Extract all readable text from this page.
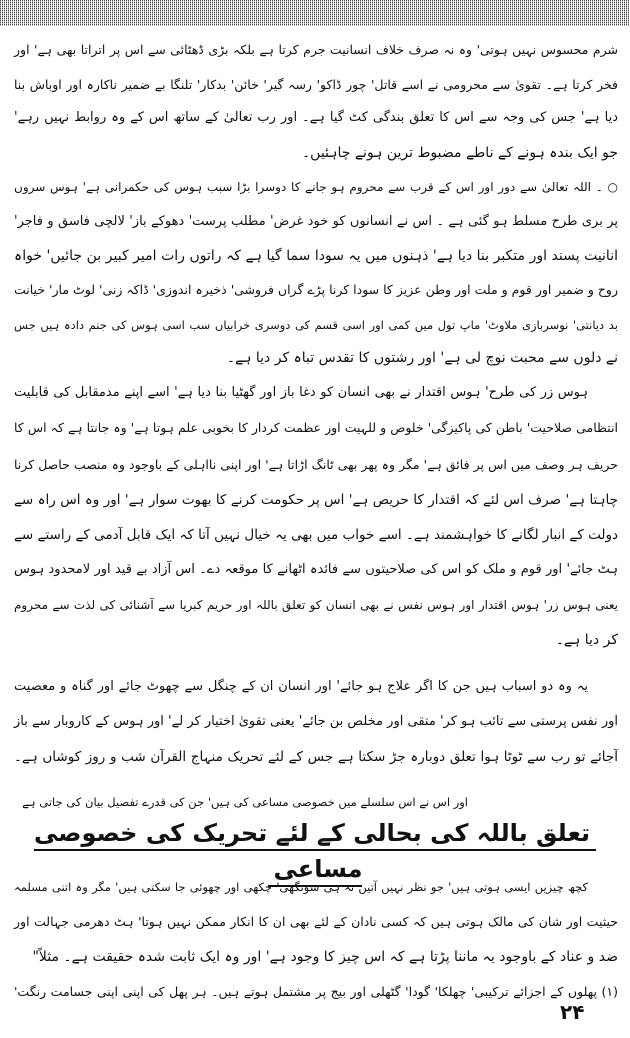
شرم محسوس نہیں ہوتی' وہ نہ صرف خلاف انسانیت جرم کرتا ہے بلکہ بڑی ڈھٹائی سے اس پر اتراتا بھی ہے' اور
فخر کرتا ہے۔ تقویٰ سے محرومی نے اسے قاتل' چور ڈاکو' رسہ گیر' خائن' بدکار' تلنگا بے ضمیر ناکارہ اور اوباش بنا
دیا ہے' جس کی وجہ سے اس کا تعلق بندگی کٹ گیا ہے۔ اور رب تعالیٰ کے ساتھ اس کے وہ روابط نہیں رہے'
جو ایک بندہ ہونے کے ناطے مضبوط ترین ہونے چاہئیں۔
○ ۔ اللہ تعالیٰ سے دور اور اس کے قرب سے محروم ہو جانے کا دوسرا بڑا سبب ہوس کی حکمرانی ہے' ہوس سروں
پر بری طرح مسلط ہو گئی ہے ۔ اس نے انسانوں کو خود غرض' مطلب پرست' دھوکے باز' لالچی فاسق و فاجر'
انانیت پسند اور متکبر بنا دیا ہے' ذہنوں میں یہ سودا سما گیا ہے کہ راتوں رات امیر کبیر بن جائیں' خواہ
روح و ضمیر اور قوم و ملت اور وطن عزیز کا سودا کرنا پڑے گراں فروشی' ذخیرہ اندوزی' ڈاکہ زنی' لوٹ مار' خیانت
بد دیانتی' نوسربازی ملاوٹ' ماپ تول میں کمی اور اسی قسم کی دوسری خرابیاں سب اسی ہوس کی جنم دادہ ہیں جس
نے دلوں سے محبت نوچ لی ہے' اور رشتوں کا تقدس تباہ کر دیا ہے۔
ہوس زر کی طرح' ہوس اقتدار نے بھی انسان کو دغا باز اور گھٹیا بنا دیا ہے' اسے اپنے مدمقابل کی قابلیت
انتظامی صلاحیت' باطن کی پاکیزگی' خلوص و للہیت اور عظمت کردار کا بخوبی علم ہوتا ہے' وہ جانتا ہے کہ اس کا
حریف ہر وصف میں اس پر فائق ہے' مگر وہ پھر بھی ٹانگ اڑاتا ہے' اور اپنی نااہلی کے باوجود وہ منصب حاصل کرنا
چاہتا ہے' صرف اس لئے کہ اقتدار کا حریص ہے' اس پر حکومت کرنے کا بھوت سوار ہے' اور وہ اس راہ سے
دولت کے انبار لگانے کا خواہشمند ہے۔ اسے خواب میں بھی یہ خیال نہیں آتا کہ ایک قابل آدمی کے راستے سے
ہٹ جائے' اور قوم و ملک کو اس کی صلاحیتوں سے فائدہ اٹھانے کا موقعہ دے۔ اس آزاد بے قید اور لامحدود ہوس
یعنی ہوس زر' ہوس اقتدار اور ہوس نفس نے بھی انسان کو تعلق باللہ اور حریم کبریا سے آشنائی کی لذت سے محروم
کر دیا ہے۔
یہ وہ دو اسباب ہیں جن کا اگر علاج ہو جائے' اور انسان ان کے چنگل سے چھوٹ جائے اور گناہ و معصیت
اور نفس پرستی سے تائب ہو کر' متقی اور مخلص بن جائے' یعنی تقویٰ اختیار کر لے' اور ہوس کے کاروبار سے باز
آجائے تو رب سے ٹوٹا ہوا تعلق دوبارہ جڑ سکتا ہے جس کے لئے تحریک منہاج القرآن شب و روز کوشاں ہے۔
اور اس نے اس سلسلے میں خصوصی مساعی کی ہیں' جن کی قدرے تفصیل بیان کی جاتی ہے
تعلق باللہ کی بحالی کے لئے تحریک کی خصوصی مساعی
کچھ چیزیں ایسی ہوتی ہیں' جو نظر نہیں آتیں نہ ہی سونگھی' چکھی اور چھوئی جا سکتی ہیں' مگر وہ اتنی مسلمہ
حیثیت اور شان کی مالک ہوتی ہیں کہ کسی نادان کے لئے بھی ان کا انکار ممکن نہیں ہوتا' ہٹ دھرمی جہالت اور
ضد و عناد کے باوجود یہ ماننا پڑتا ہے کہ اس چیز کا وجود ہے' اور وہ ایک ثابت شدہ حقیقت ہے۔ مثلاً"
(۱) پھلوں کے اجزائے ترکیبی' چھلکا' گودا' گٹھلی اور بیج پر مشتمل ہوتے ہیں۔ ہر پھل کی اپنی اپنی جسامت رنگت'
۲۴
